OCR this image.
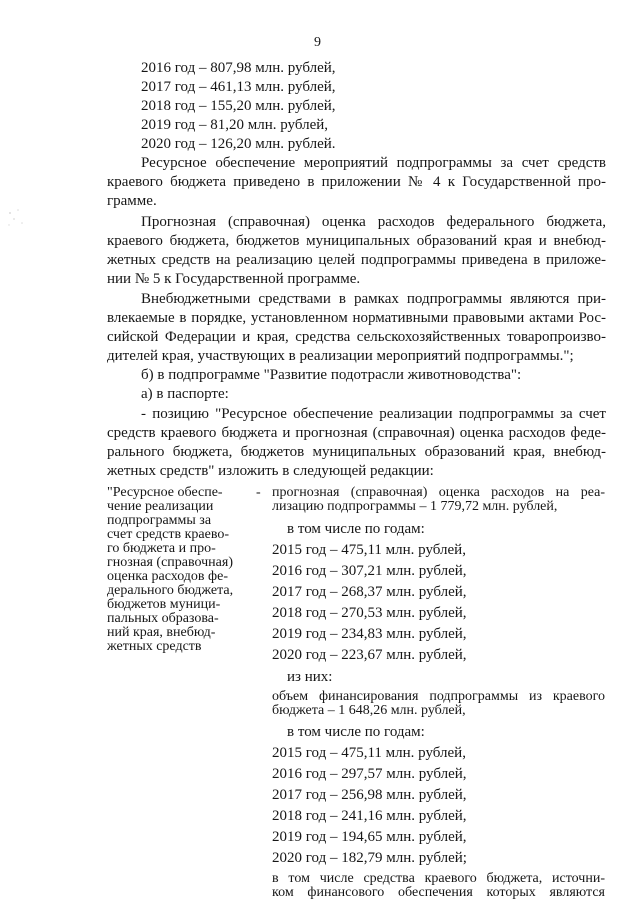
9
2016 год – 807,98 млн. рублей,
2017 год – 461,13 млн. рублей,
2018 год – 155,20 млн. рублей,
2019 год – 81,20 млн. рублей,
2020 год – 126,20 млн. рублей.
Ресурсное обеспечение мероприятий подпрограммы за счет средств
краевого бюджета приведено в приложении № 4 к Государственной про-
грамме.
Прогнозная (справочная) оценка расходов федерального бюджета,
краевого бюджета, бюджетов муниципальных образований края и внебюд-
жетных средств на реализацию целей подпрограммы приведена в приложе-
нии № 5 к Государственной программе.
Внебюджетными средствами в рамках подпрограммы являются при-
влекаемые в порядке, установленном нормативными правовыми актами Рос-
сийской Федерации и края, средства сельскохозяйственных товаропроизво-
дителей края, участвующих в реализации мероприятий подпрограммы.";
б) в подпрограмме "Развитие подотрасли животноводства":
а) в паспорте:
- позицию "Ресурсное обеспечение реализации подпрограммы за счет
средств краевого бюджета и прогнозная (справочная) оценка расходов феде-
рального бюджета, бюджетов муниципальных образований края, внебюд-
жетных средств" изложить в следующей редакции:
"Ресурсное обеспе-
чение реализации
подпрограммы за
счет средств краево-
го бюджета и про-
гнозная (справочная)
оценка расходов фе-
дерального бюджета,
бюджетов муници-
пальных образова-
ний края, внебюд-
жетных средств
- прогнозная (справочная) оценка расходов на реа-
лизацию подпрограммы – 1 779,72 млн. рублей,
в том числе по годам:
2015 год – 475,11 млн. рублей,
2016 год – 307,21 млн. рублей,
2017 год – 268,37 млн. рублей,
2018 год – 270,53 млн. рублей,
2019 год – 234,83 млн. рублей,
2020 год – 223,67 млн. рублей,
из них:
объем финансирования подпрограммы из краевого
бюджета – 1 648,26 млн. рублей,
в том числе по годам:
2015 год – 475,11 млн. рублей,
2016 год – 297,57 млн. рублей,
2017 год – 256,98 млн. рублей,
2018 год – 241,16 млн. рублей,
2019 год – 194,65 млн. рублей,
2020 год – 182,79 млн. рублей;
в том числе средства краевого бюджета, источни-
ком финансового обеспечения которых являются
